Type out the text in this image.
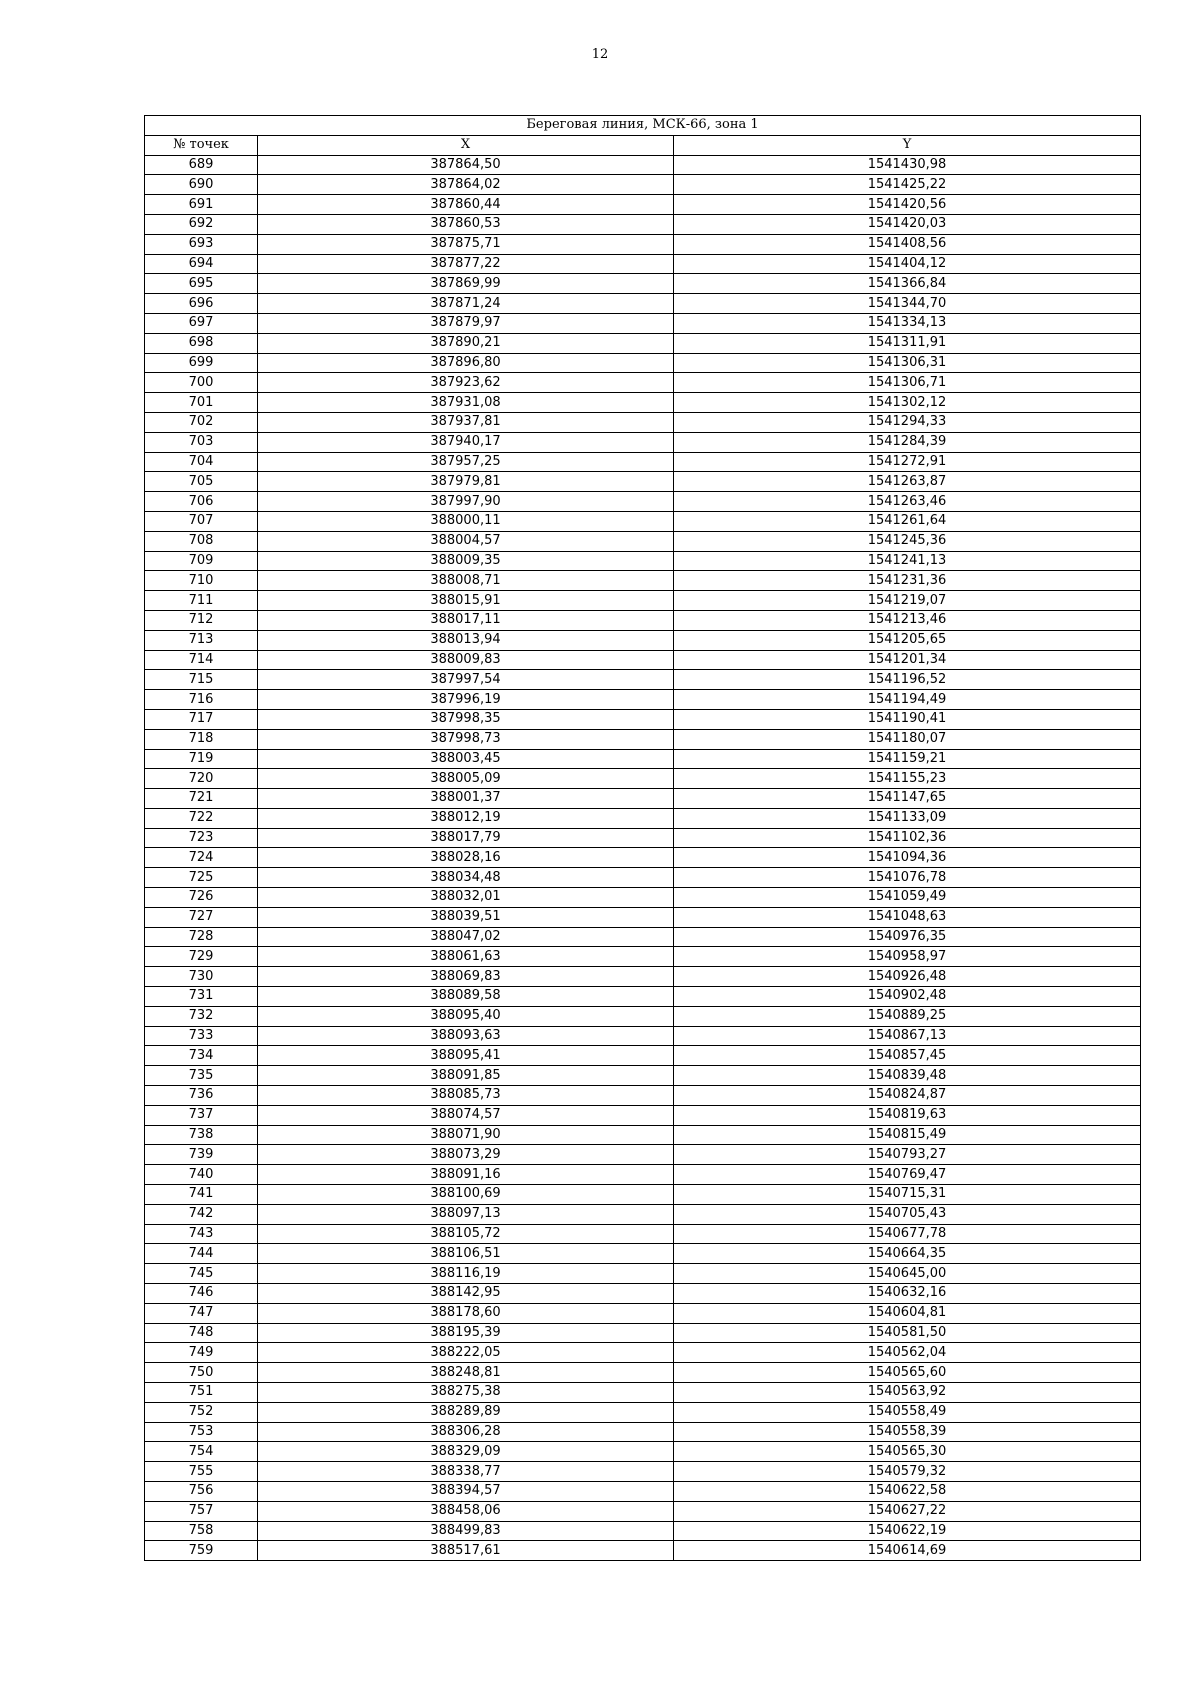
12
Береговая линия, МСК-66, зона 1		
№ точек	X	Y
689	387864,50	1541430,98
690	387864,02	1541425,22
691	387860,44	1541420,56
692	387860,53	1541420,03
693	387875,71	1541408,56
694	387877,22	1541404,12
695	387869,99	1541366,84
696	387871,24	1541344,70
697	387879,97	1541334,13
698	387890,21	1541311,91
699	387896,80	1541306,31
700	387923,62	1541306,71
701	387931,08	1541302,12
702	387937,81	1541294,33
703	387940,17	1541284,39
704	387957,25	1541272,91
705	387979,81	1541263,87
706	387997,90	1541263,46
707	388000,11	1541261,64
708	388004,57	1541245,36
709	388009,35	1541241,13
710	388008,71	1541231,36
711	388015,91	1541219,07
712	388017,11	1541213,46
713	388013,94	1541205,65
714	388009,83	1541201,34
715	387997,54	1541196,52
716	387996,19	1541194,49
717	387998,35	1541190,41
718	387998,73	1541180,07
719	388003,45	1541159,21
720	388005,09	1541155,23
721	388001,37	1541147,65
722	388012,19	1541133,09
723	388017,79	1541102,36
724	388028,16	1541094,36
725	388034,48	1541076,78
726	388032,01	1541059,49
727	388039,51	1541048,63
728	388047,02	1540976,35
729	388061,63	1540958,97
730	388069,83	1540926,48
731	388089,58	1540902,48
732	388095,40	1540889,25
733	388093,63	1540867,13
734	388095,41	1540857,45
735	388091,85	1540839,48
736	388085,73	1540824,87
737	388074,57	1540819,63
738	388071,90	1540815,49
739	388073,29	1540793,27
740	388091,16	1540769,47
741	388100,69	1540715,31
742	388097,13	1540705,43
743	388105,72	1540677,78
744	388106,51	1540664,35
745	388116,19	1540645,00
746	388142,95	1540632,16
747	388178,60	1540604,81
748	388195,39	1540581,50
749	388222,05	1540562,04
750	388248,81	1540565,60
751	388275,38	1540563,92
752	388289,89	1540558,49
753	388306,28	1540558,39
754	388329,09	1540565,30
755	388338,77	1540579,32
756	388394,57	1540622,58
757	388458,06	1540627,22
758	388499,83	1540622,19
759	388517,61	1540614,69
